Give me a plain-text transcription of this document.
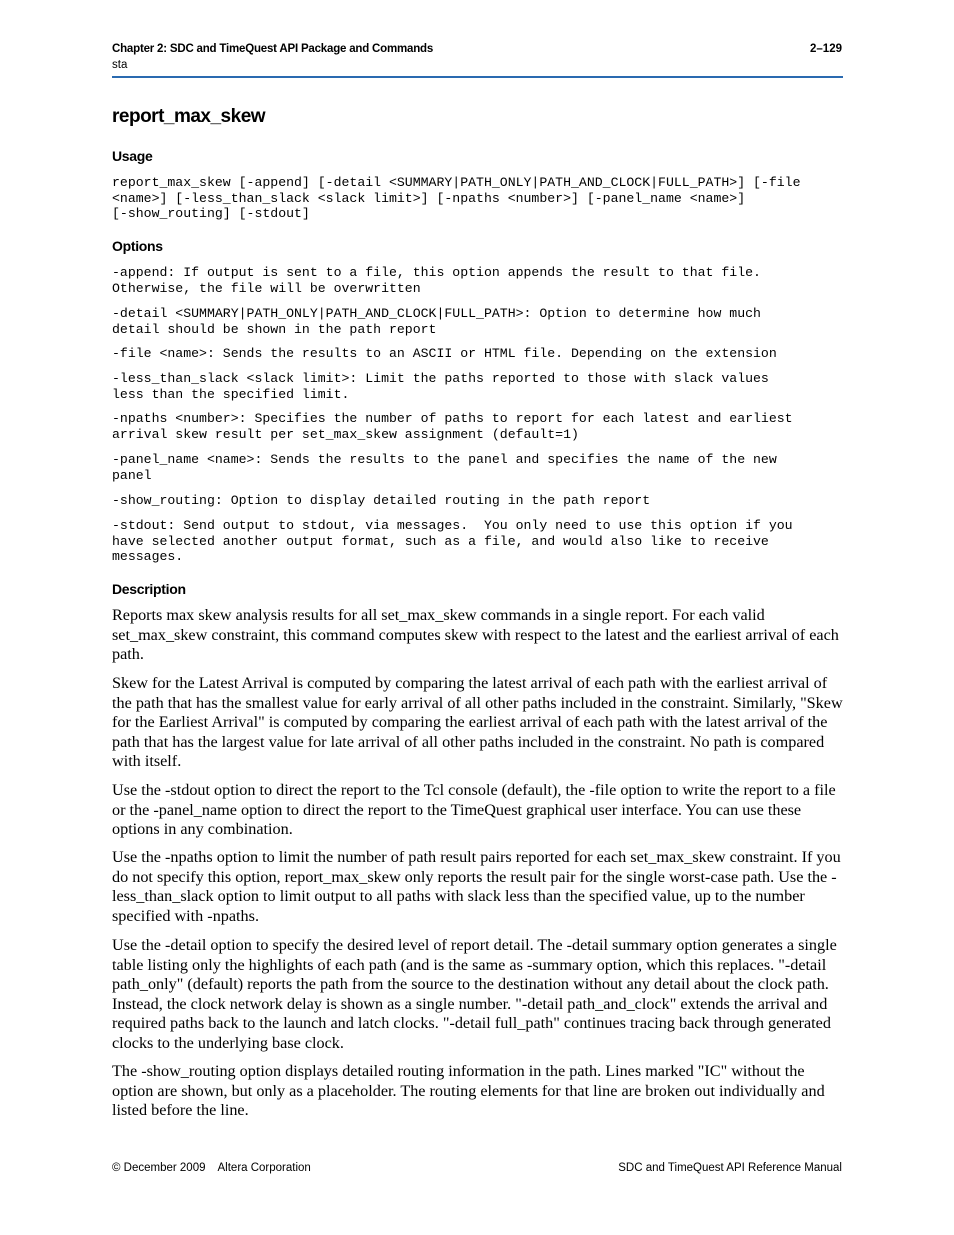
Chapter 2: SDC and TimeQuest API Package and Commands	2–129
sta
report_max_skew
Usage
report_max_skew [-append] [-detail <SUMMARY|PATH_ONLY|PATH_AND_CLOCK|FULL_PATH>] [-file
<name>] [-less_than_slack <slack limit>] [-npaths <number>] [-panel_name <name>]
[-show_routing] [-stdout]
Options
-append: If output is sent to a file, this option appends the result to that file.
Otherwise, the file will be overwritten
-detail <SUMMARY|PATH_ONLY|PATH_AND_CLOCK|FULL_PATH>: Option to determine how much
detail should be shown in the path report
-file <name>: Sends the results to an ASCII or HTML file. Depending on the extension
-less_than_slack <slack limit>: Limit the paths reported to those with slack values
less than the specified limit.
-npaths <number>: Specifies the number of paths to report for each latest and earliest
arrival skew result per set_max_skew assignment (default=1)
-panel_name <name>: Sends the results to the panel and specifies the name of the new
panel
-show_routing: Option to display detailed routing in the path report
-stdout: Send output to stdout, via messages.  You only need to use this option if you
have selected another output format, such as a file, and would also like to receive
messages.
Description
Reports max skew analysis results for all set_max_skew commands in a single report. For each valid set_max_skew constraint, this command computes skew with respect to the latest and the earliest arrival of each path.
Skew for the Latest Arrival is computed by comparing the latest arrival of each path with the earliest arrival of the path that has the smallest value for early arrival of all other paths included in the constraint. Similarly, "Skew for the Earliest Arrival" is computed by comparing the earliest arrival of each path with the latest arrival of the path that has the largest value for late arrival of all other paths included in the constraint. No path is compared with itself.
Use the -stdout option to direct the report to the Tcl console (default), the -file option to write the report to a file or the -panel_name option to direct the report to the TimeQuest graphical user interface. You can use these options in any combination.
Use the -npaths option to limit the number of path result pairs reported for each set_max_skew constraint. If you do not specify this option, report_max_skew only reports the result pair for the single worst-case path. Use the -less_than_slack option to limit output to all paths with slack less than the specified value, up to the number specified with -npaths.
Use the -detail option to specify the desired level of report detail. The -detail summary option generates a single table listing only the highlights of each path (and is the same as -summary option, which this replaces. "-detail path_only" (default) reports the path from the source to the destination without any detail about the clock path. Instead, the clock network delay is shown as a single number. "-detail path_and_clock" extends the arrival and required paths back to the launch and latch clocks. "-detail full_path" continues tracing back through generated clocks to the underlying base clock.
The -show_routing option displays detailed routing information in the path. Lines marked "IC" without the option are shown, but only as a placeholder. The routing elements for that line are broken out individually and listed before the line.
© December 2009 Altera Corporation	SDC and TimeQuest API Reference Manual
